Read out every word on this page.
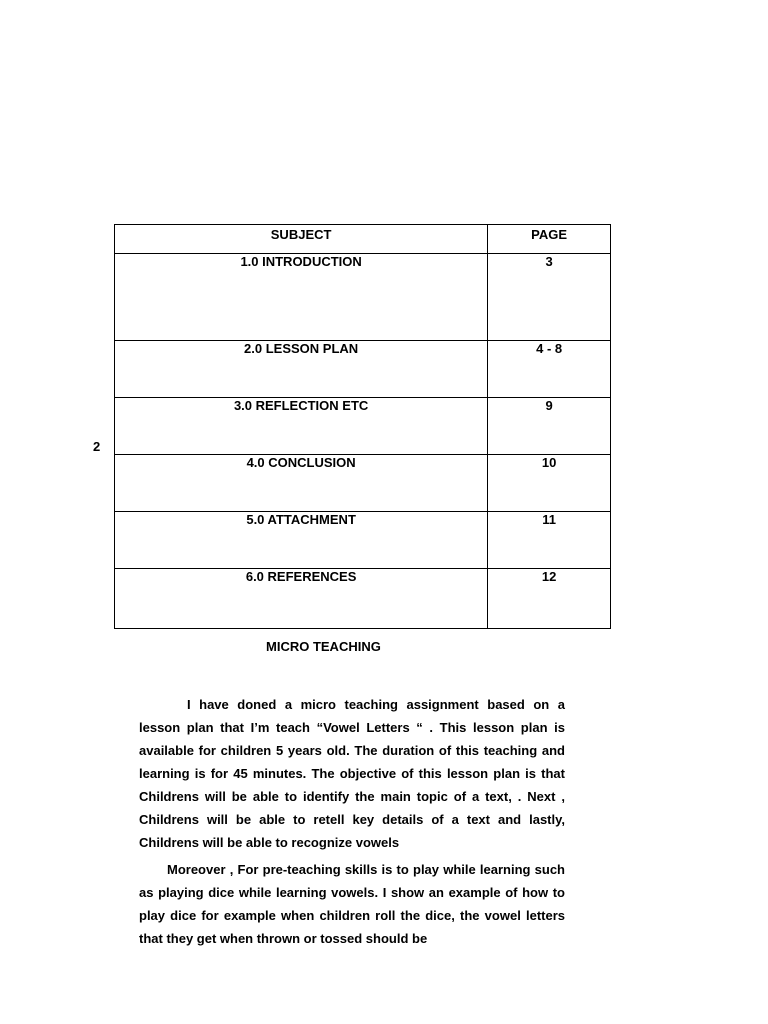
2
SUBJECT	PAGE
1.0 INTRODUCTION	3
2.0 LESSON PLAN	4 - 8
3.0 REFLECTION ETC	9
4.0 CONCLUSION	10
5.0 ATTACHMENT	11
6.0 REFERENCES	12
MICRO TEACHING

I have doned a micro teaching assignment based on a lesson plan that I’m teach “Vowel Letters “ . This lesson plan is available for children 5 years old. The duration of this teaching and learning is for 45 minutes. The objective of this lesson plan is that Childrens will be able to identify the main topic of a text, . Next , Childrens will be able to retell key details of a text and lastly, Childrens will be able to recognize vowels

Moreover , For pre-teaching skills is to play while learning such as playing dice while learning vowels. I show an example of how to play dice for example when children roll the dice, the vowel letters that they get when thrown or tossed should be
